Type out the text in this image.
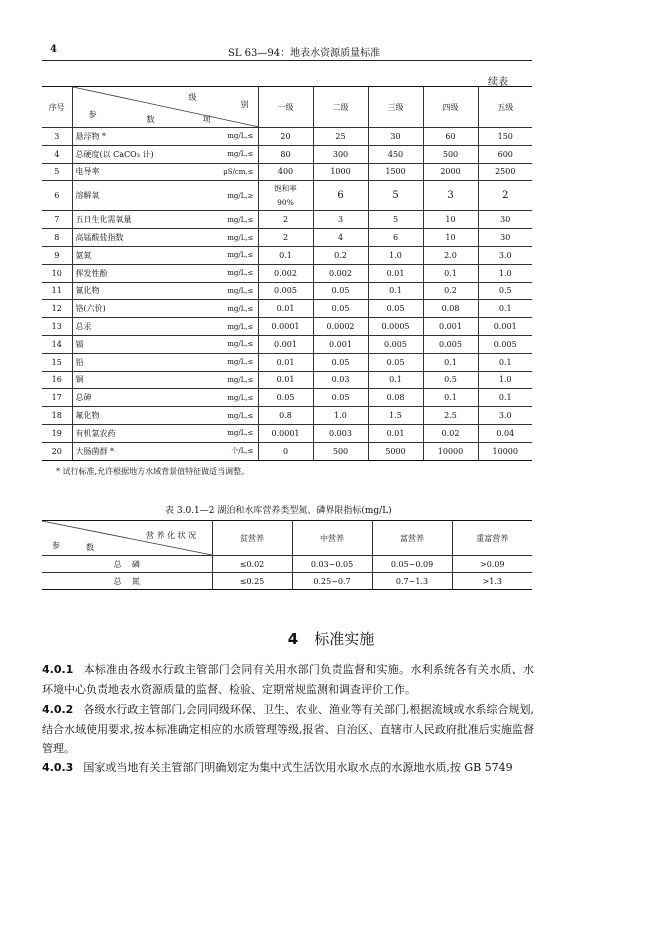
4	SL 63—94：地表水资源质量标准
续表
序号	级
别
参
数 项		一级	二级	三级	四级	五级
3	悬浮物 *	mg/L,≤	20	25	30	60	150
4	总硬度(以 CaCO₃ 计)	mg/L,≤	80	300	450	500	600
5	电导率	μS/cm,≤	400	1000	1500	2000	2500
6	溶解氧	mg/L,≥	饱和率
90%	6	5	3	2
7	五日生化需氧量	mg/L,≤	2	3	5	10	30
8	高锰酸盐指数	mg/L,≤	2	4	6	10	30
9	氨氮	mg/L,≤	0.1	0.2	1.0	2.0	3.0
10	挥发性酚	mg/L,≤	0.002	0.002	0.01	0.1	1.0
11	氰化物	mg/L,≤	0.005	0.05	0.1	0.2	0.5
12	铬(六价)	mg/L,≤	0.01	0.05	0.05	0.08	0.1
13	总汞	mg/L,≤	0.0001	0.0002	0.0005	0.001	0.001
14	镉	mg/L,≤	0.001	0.001	0.005	0.005	0.005
15	铅	mg/L,≤	0.01	0.05	0.05	0.1	0.1
16	铜	mg/L,≤	0.01	0.03	0.1	0.5	1.0
17	总砷	mg/L,≤	0.05	0.05	0.08	0.1	0.1
18	氟化物	mg/L,≤	0.8	1.0	1.5	2.5	3.0
19	有机氯农药	mg/L,≤	0.0001	0.003	0.01	0.02	0.04
20	大肠菌群 *	个/L,≤	0	500	5000	10000	10000
* 试行标准,允许根据地方水域背景值特征做适当调整。
表 3.0.1—2 湖泊和水库营养类型氮、磷界限指标(mg/L)
营 养 化 状 况
参 数	贫营养	中营养	富营养	重富营养
总    磷	≤0.02	0.03~0.05	0.05~0.09	>0.09
总    氮	≤0.25	0.25~0.7	0.7~1.3	>1.3
4 标准实施
4.0.1 本标准由各级水行政主管部门会同有关用水部门负责监督和实施。水利系统各有关水质、水环境中心负责地表水资源质量的监督、检验、定期常规监测和调查评价工作。
4.0.2 各级水行政主管部门,会同同级环保、卫生、农业、渔业等有关部门,根据流域或水系综合规划,结合水域使用要求,按本标准确定相应的水质管理等级,报省、自治区、直辖市人民政府批准后实施监督管理。
4.0.3 国家或当地有关主管部门明确划定为集中式生活饮用水取水点的水源地水质,按 GB 5749
